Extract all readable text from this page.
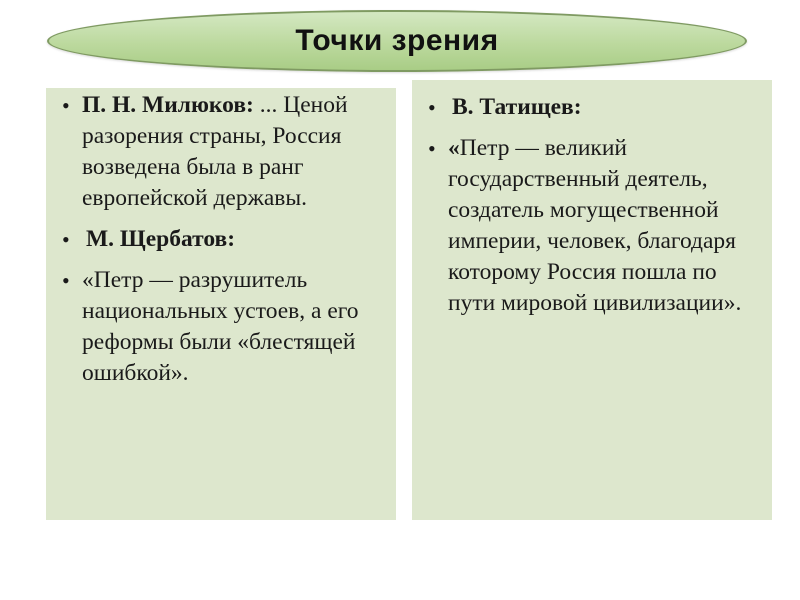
Точки зрения
• П. Н. Милюков: ... Ценой разорения страны, Россия возведена была в ранг европейской державы.
• М. Щербатов:
• «Петр — разрушитель национальных устоев, а его реформы были «блестящей ошибкой».
• В. Татищев:
• «Петр — великий государственный деятель, создатель могущественной империи, человек, благодаря которому Россия пошла по пути мировой цивилизации».
